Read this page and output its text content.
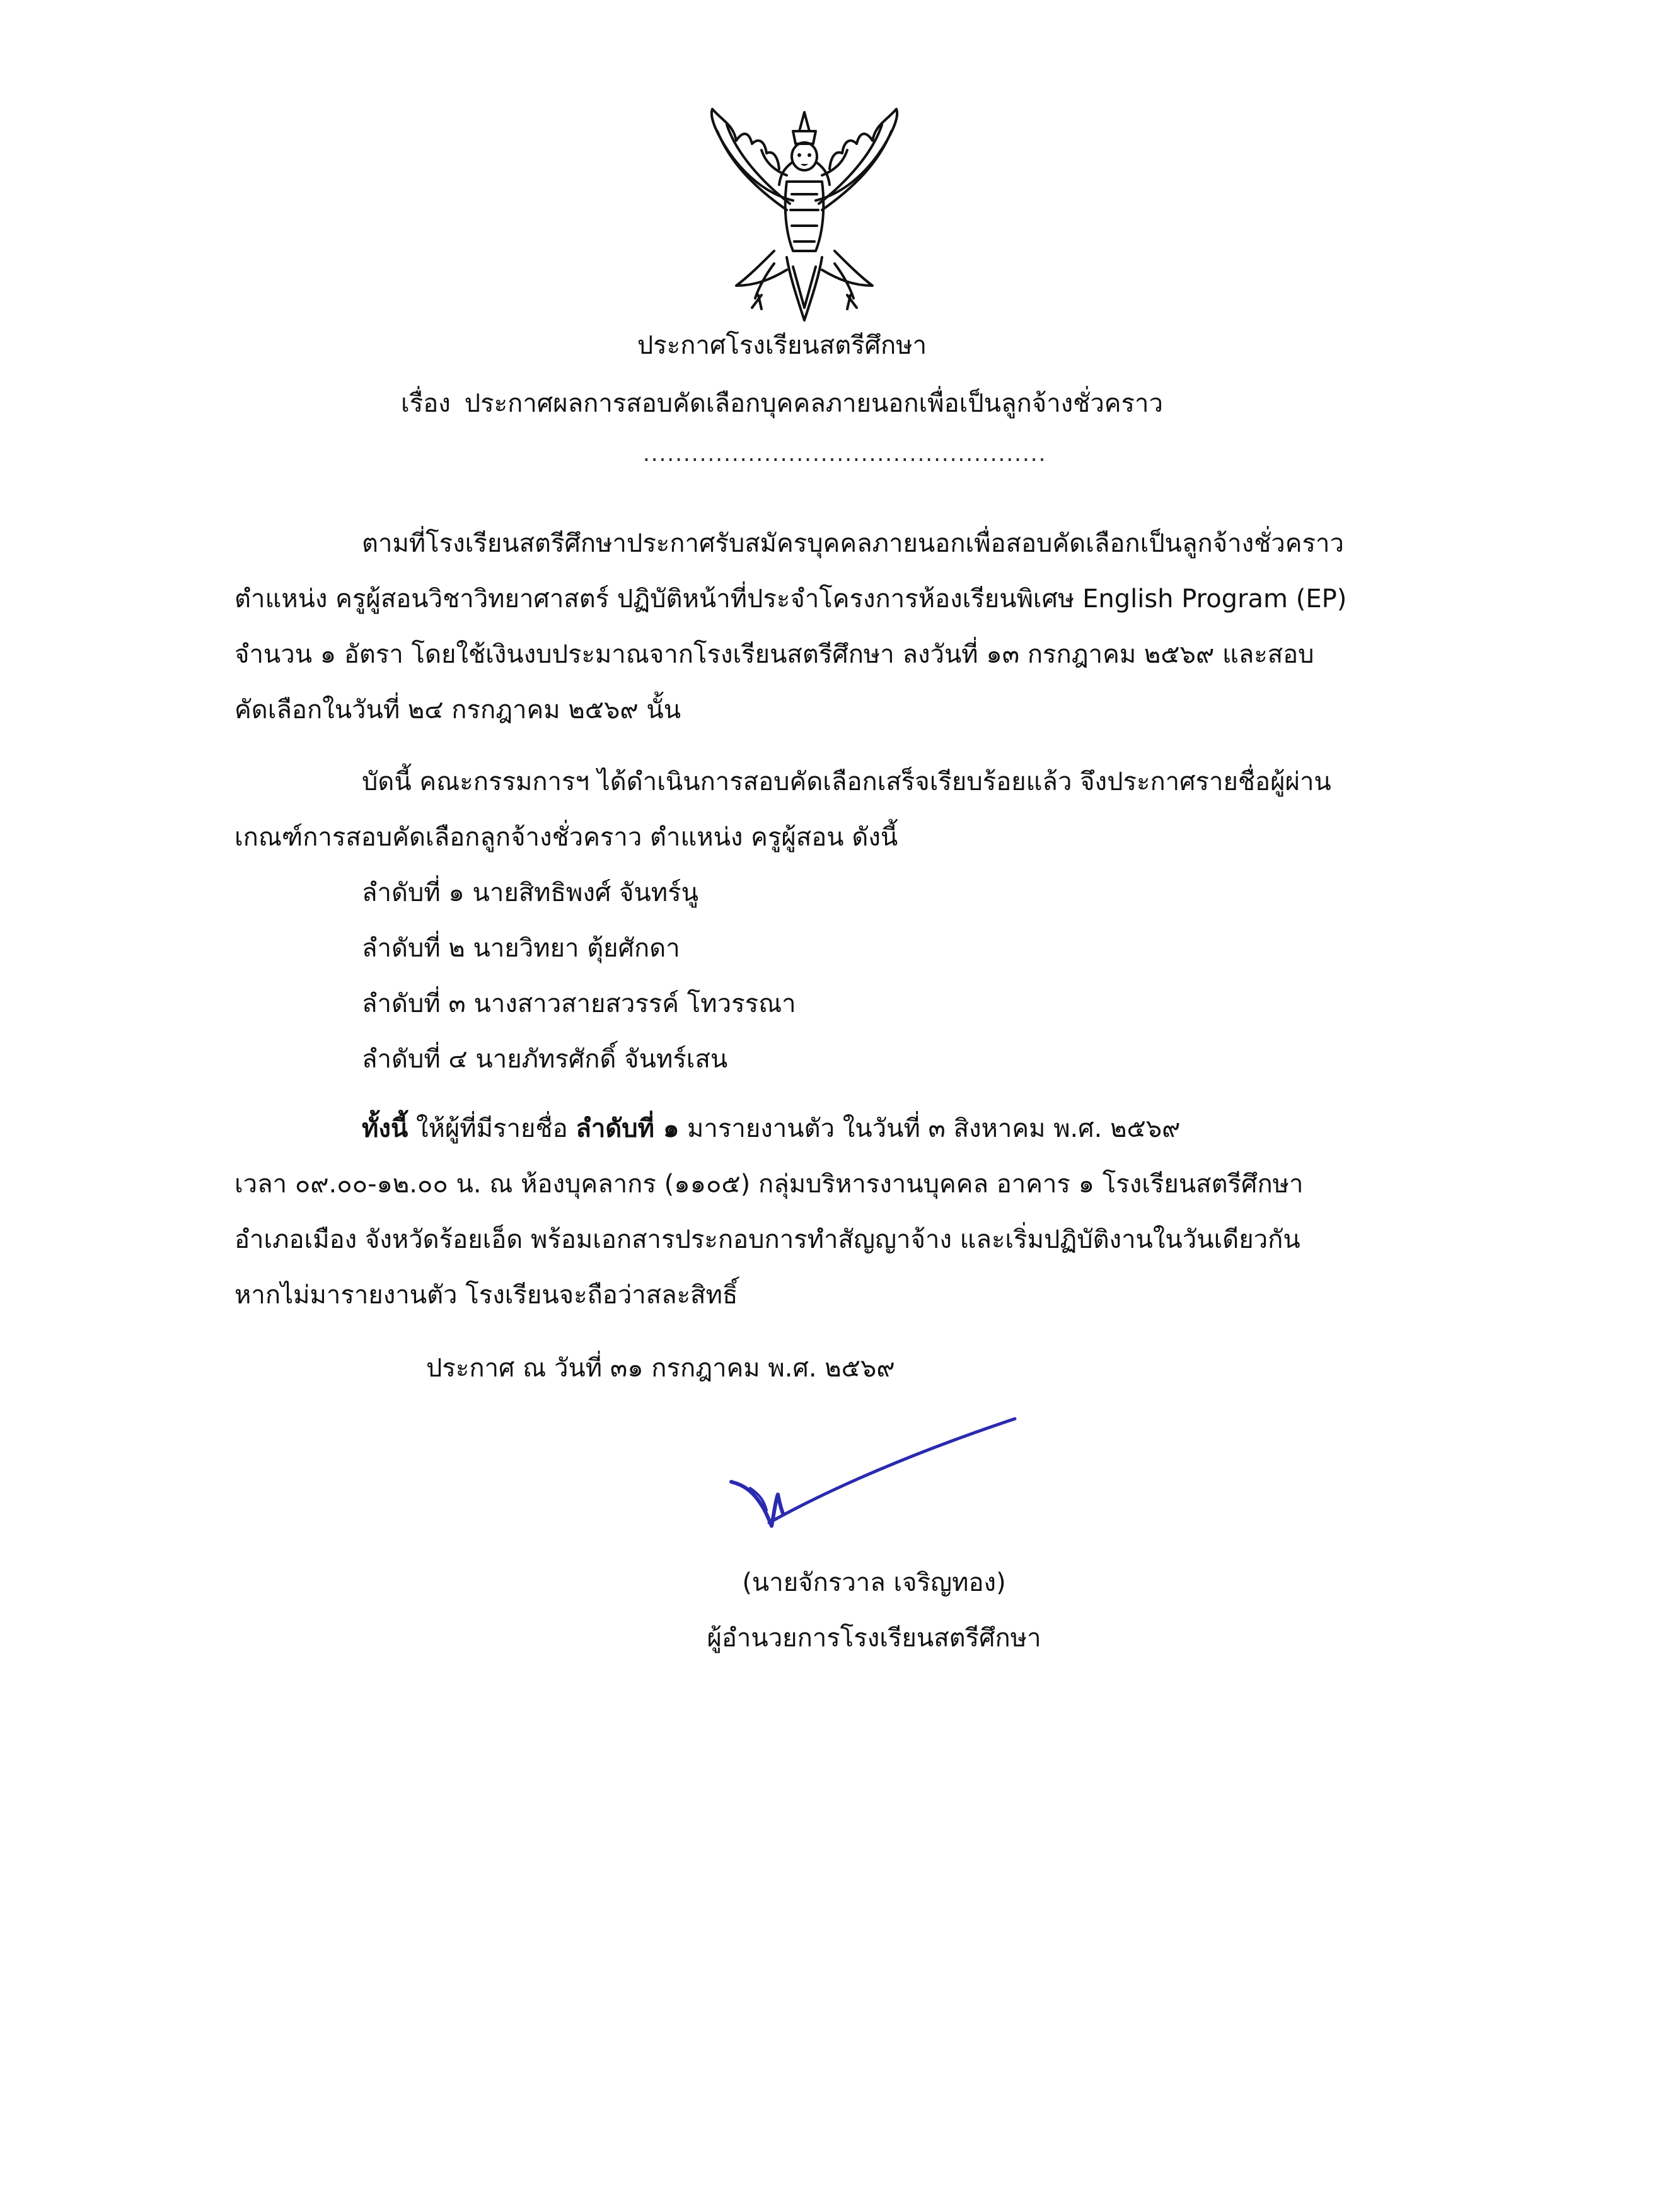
ประกาศโรงเรียนสตรีศึกษา
เรื่อง ประกาศผลการสอบคัดเลือกบุคคลภายนอกเพื่อเป็นลูกจ้างชั่วคราว
..................................................
ตามที่โรงเรียนสตรีศึกษาประกาศรับสมัครบุคคลภายนอกเพื่อสอบคัดเลือกเป็นลูกจ้างชั่วคราว
ตำแหน่ง ครูผู้สอนวิชาวิทยาศาสตร์ ปฏิบัติหน้าที่ประจำโครงการห้องเรียนพิเศษ English Program (EP)
จำนวน ๑ อัตรา โดยใช้เงินงบประมาณจากโรงเรียนสตรีศึกษา ลงวันที่ ๑๓ กรกฎาคม ๒๕๖๙ และสอบ
คัดเลือกในวันที่ ๒๔ กรกฎาคม ๒๕๖๙ นั้น
บัดนี้ คณะกรรมการฯ ได้ดำเนินการสอบคัดเลือกเสร็จเรียบร้อยแล้ว จึงประกาศรายชื่อผู้ผ่าน
เกณฑ์การสอบคัดเลือกลูกจ้างชั่วคราว ตำแหน่ง ครูผู้สอน ดังนี้
ลำดับที่ ๑ นายสิทธิพงศ์ จันทร์นู
ลำดับที่ ๒ นายวิทยา ตุ้ยศักดา
ลำดับที่ ๓ นางสาวสายสวรรค์ โทวรรณา
ลำดับที่ ๔ นายภัทรศักดิ์ จันทร์เสน
ทั้งนี้ ให้ผู้ที่มีรายชื่อ ลำดับที่ ๑ มารายงานตัว ในวันที่ ๓ สิงหาคม พ.ศ. ๒๕๖๙
เวลา ๐๙.๐๐-๑๒.๐๐ น. ณ ห้องบุคลากร (๑๑๐๕) กลุ่มบริหารงานบุคคล อาคาร ๑ โรงเรียนสตรีศึกษา
อำเภอเมือง จังหวัดร้อยเอ็ด พร้อมเอกสารประกอบการทำสัญญาจ้าง และเริ่มปฏิบัติงานในวันเดียวกัน
หากไม่มารายงานตัว โรงเรียนจะถือว่าสละสิทธิ์
ประกาศ ณ วันที่ ๓๑ กรกฎาคม พ.ศ. ๒๕๖๙
(นายจักรวาล เจริญทอง)
ผู้อำนวยการโรงเรียนสตรีศึกษา
